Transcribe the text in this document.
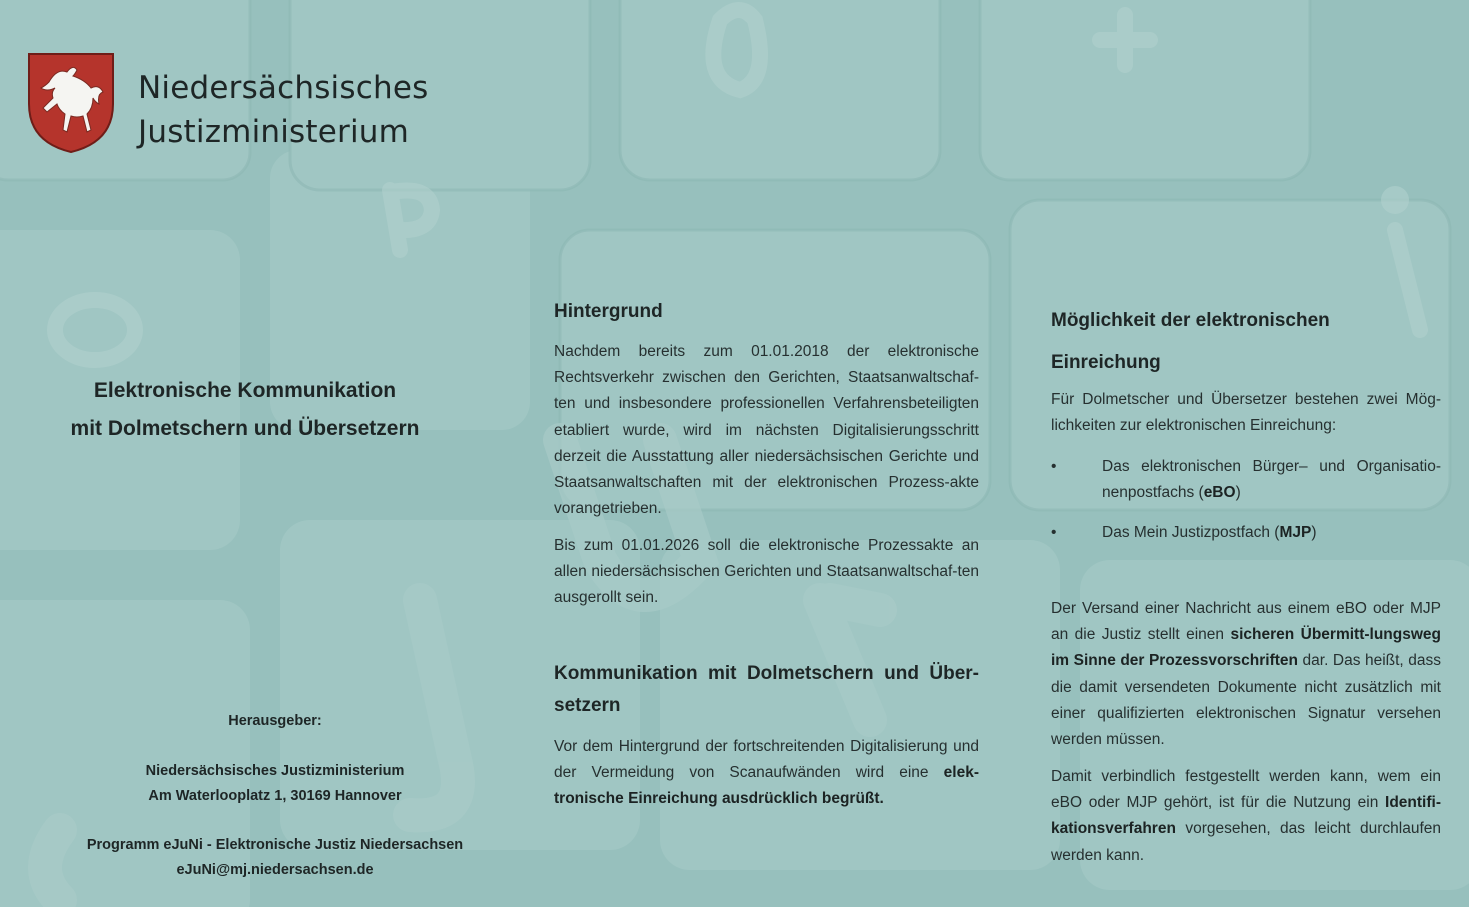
Niedersächsisches
Justizministerium
Elektronische Kommunikation
mit Dolmetschern und Übersetzern
Herausgeber:
Niedersächsisches Justizministerium
Am Waterlooplatz 1, 30169 Hannover
Programm eJuNi - Elektronische Justiz Niedersachsen
eJuNi@mj.niedersachsen.de
Hintergrund

Nachdem bereits zum 01.01.2018 der elektronische Rechtsverkehr zwischen den Gerichten, Staatsanwaltschaf-ten und insbesondere professionellen Verfahrensbeteiligten etabliert wurde, wird im nächsten Digitalisierungsschritt derzeit die Ausstattung aller niedersächsischen Gerichte und Staatsanwaltschaften mit der elektronischen Prozess-akte vorangetrieben.

Bis zum 01.01.2026 soll die elektronische Prozessakte an allen niedersächsischen Gerichten und Staatsanwaltschaf-ten ausgerollt sein.

Kommunikation mit Dolmetschern und Über-setzern

Vor dem Hintergrund der fortschreitenden Digitalisierung und der Vermeidung von Scanaufwänden wird eine elek-tronische Einreichung ausdrücklich begrüßt.

Möglichkeit der elektronischen Einreichung

Für Dolmetscher und Übersetzer bestehen zwei Mög-lichkeiten zur elektronischen Einreichung:

•	Das elektronischen Bürger– und Organisatio-nenpostfachs (eBO)
•	Das Mein Justizpostfach (MJP)

Der Versand einer Nachricht aus einem eBO oder MJP an die Justiz stellt einen sicheren Übermitt-lungsweg im Sinne der Prozessvorschriften dar. Das heißt, dass die damit versendeten Dokumente nicht zusätzlich mit einer qualifizierten elektronischen Signatur versehen werden müssen.

Damit verbindlich festgestellt werden kann, wem ein eBO oder MJP gehört, ist für die Nutzung ein Identifi-kationsverfahren vorgesehen, das leicht durchlaufen werden kann.
